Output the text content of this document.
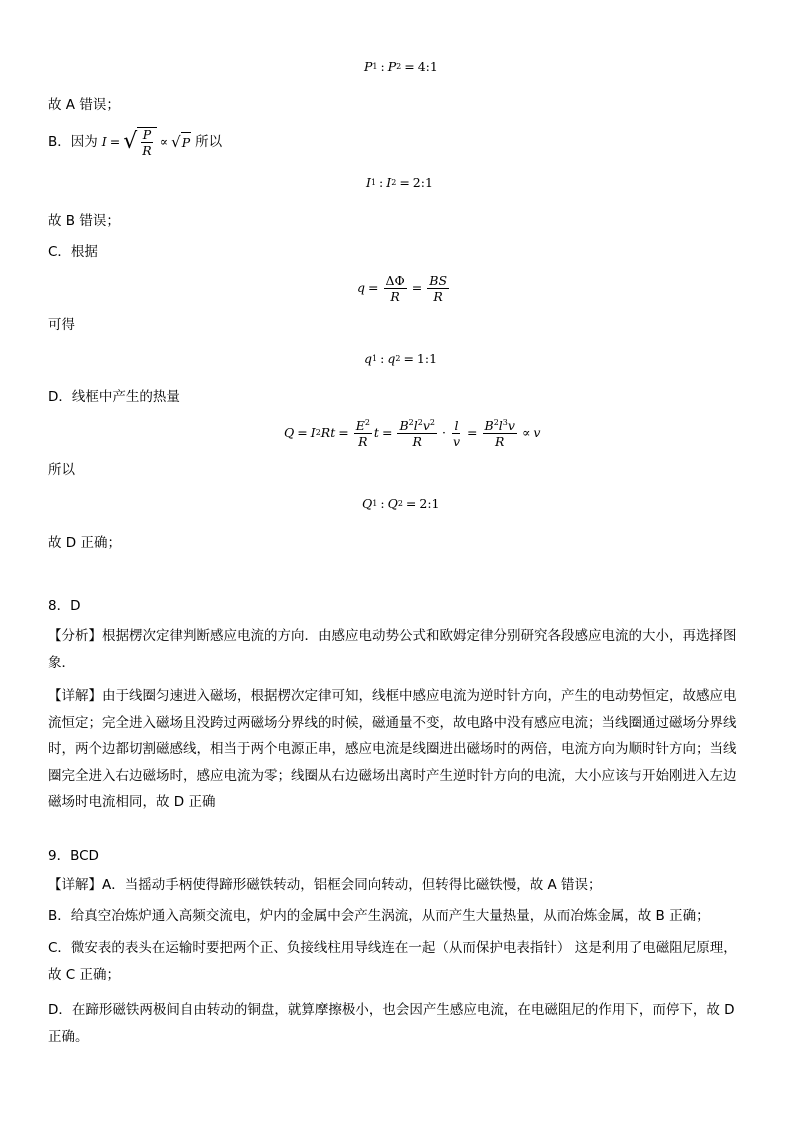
P 1 : P 2 = 4:1
故 A 错误；
B．因为 I = √ $\frac{P}{R}$ ∝ √ P 所以
I 1 : I 2 = 2:1
故 B 错误；
C．根据
$q = \frac{\Delta\Phi}{R} = \frac{BS}{R}$
可得
q 1 : q 2 = 1:1
D．线框中产生的热量
Q = I 2 $Rt = \frac{E^2}{R}$ $t = \frac{B^2l^2v^2}{R} \cdot \frac{l}{v} = \frac{B^2l^3v}{R} \propto v$
所以
Q 1 : Q 2 = 2:1
故 D 正确；
8．D
【分析】根据楞次定律判断感应电流的方向．由感应电动势公式和欧姆定律分别研究各段感应电流的大小，再选择图象．
【详解】由于线圈匀速进入磁场，根据楞次定律可知，线框中感应电流为逆时针方向，产生的电动势恒定，故感应电流恒定；完全进入磁场且没跨过两磁场分界线的时候，磁通量不变，故电路中没有感应电流；当线圈通过磁场分界线时，两个边都切割磁感线，相当于两个电源正串，感应电流是线圈进出磁场时的两倍，电流方向为顺时针方向；当线圈完全进入右边磁场时，感应电流为零；线圈从右边磁场出离时产生逆时针方向的电流，大小应该与开始刚进入左边磁场时电流相同，故 D 正确
9．BCD
【详解】A．当摇动手柄使得蹄形磁铁转动，铝框会同向转动，但转得比磁铁慢，故 A 错误；
B．给真空冶炼炉通入高频交流电，炉内的金属中会产生涡流，从而产生大量热量，从而冶炼金属，故 B 正确；
C．微安表的表头在运输时要把两个正、负接线柱用导线连在一起（从而保护电表指针） 这是利用了电磁阻尼原理，故 C 正确；
D．在蹄形磁铁两极间自由转动的铜盘，就算摩擦极小，也会因产生感应电流，在电磁阻尼的作用下，而停下，故 D 正确。
